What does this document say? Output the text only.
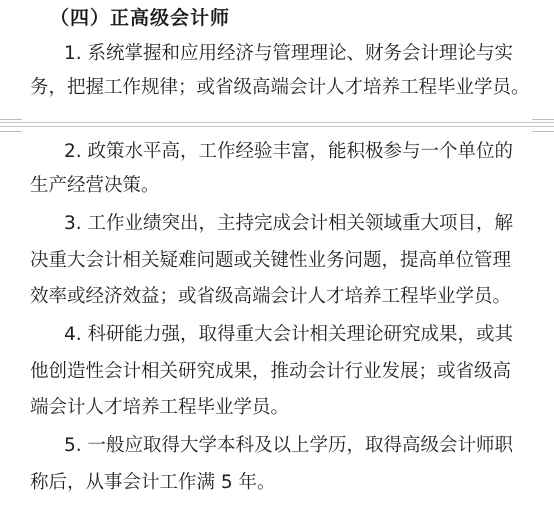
（四）正高级会计师
1. 系统掌握和应用经济与管理理论、财务会计理论与实
务，把握工作规律；或省级高端会计人才培养工程毕业学员。
2. 政策水平高，工作经验丰富，能积极参与一个单位的
生产经营决策。
3. 工作业绩突出，主持完成会计相关领域重大项目，解
决重大会计相关疑难问题或关键性业务问题，提高单位管理
效率或经济效益；或省级高端会计人才培养工程毕业学员。
4. 科研能力强，取得重大会计相关理论研究成果，或其
他创造性会计相关研究成果，推动会计行业发展；或省级高
端会计人才培养工程毕业学员。
5. 一般应取得大学本科及以上学历，取得高级会计师职
称后，从事会计工作满 5 年。
